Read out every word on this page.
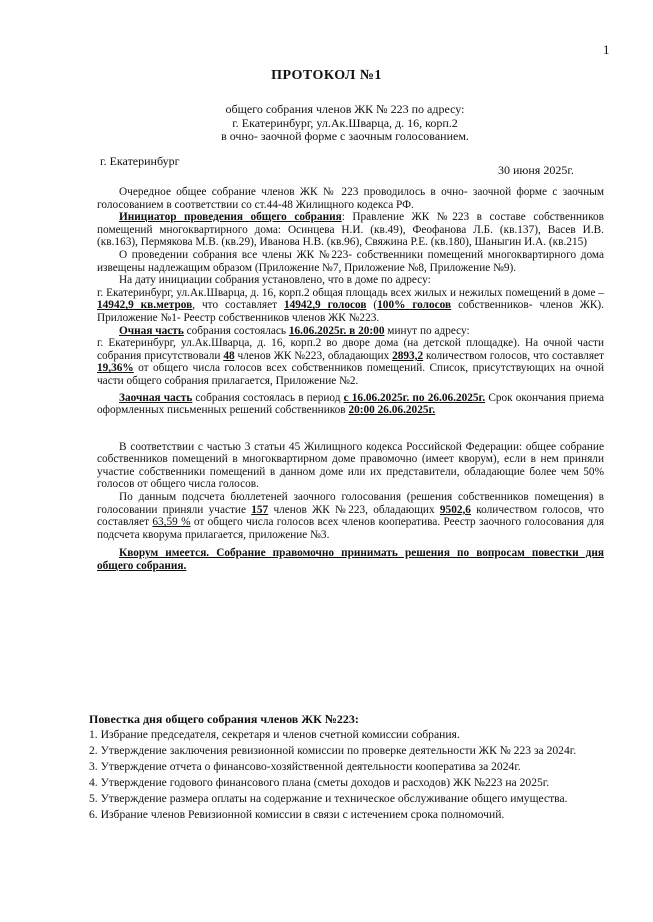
1
ПРОТОКОЛ №1
общего собрания членов ЖК № 223 по адресу:
г. Екатеринбург, ул.Ак.Шварца, д. 16, корп.2
в очно- заочной форме с заочным голосованием.
г. Екатеринбург
30 июня 2025г.

Очередное общее собрание членов ЖК № 223 проводилось в очно- заочной форме с заочным голосованием в соответствии со ст.44-48 Жилищного кодекса РФ.

Инициатор проведения общего собрания: Правление ЖК №223 в составе собственников помещений многоквартирного дома: Осинцева Н.И. (кв.49), Феофанова Л.Б. (кв.137), Васев И.В. (кв.163), Пермякова М.В. (кв.29), Иванова Н.В. (кв.96), Свяжина Р.Е. (кв.180), Шаныгин И.А. (кв.215)

О проведении собрания все члены ЖК №223- собственники помещений многоквартирного дома извещены надлежащим образом (Приложение №7, Приложение №8, Приложение №9).

На дату инициации собрания установлено, что в доме по адресу:
г. Екатеринбург, ул.Ак.Шварца, д. 16, корп.2 общая площадь всех жилых и нежилых помещений в доме – 14942,9 кв.метров, что составляет 14942,9 голосов (100% голосов собственников- членов ЖК). Приложение №1- Реестр собственников членов ЖК №223.

Очная часть собрания состоялась 16.06.2025г. в 20:00 минут по адресу:
г. Екатеринбург, ул.Ак.Шварца, д. 16, корп.2 во дворе дома (на детской площадке). На очной части собрания присутствовали 48 членов ЖК №223, обладающих 2893,2 количеством голосов, что составляет 19,36% от общего числа голосов всех собственников помещений. Список, присутствующих на очной части общего собрания прилагается, Приложение №2.

Заочная часть собрания состоялась в период с 16.06.2025г. по 26.06.2025г. Срок окончания приема оформленных письменных решений собственников 20:00 26.06.2025г.

В соответствии с частью 3 статьи 45 Жилищного кодекса Российской Федерации: общее собрание собственников помещений в многоквартирном доме правомочно (имеет кворум), если в нем приняли участие собственники помещений в данном доме или их представители, обладающие более чем 50% голосов от общего числа голосов.

По данным подсчета бюллетеней заочного голосования (решения собственников помещения) в голосовании приняли участие 157 членов ЖК №223, обладающих 9502,6 количеством голосов, что составляет 63,59 % от общего числа голосов всех членов кооператива. Реестр заочного голосования для подсчета кворума прилагается, приложение №3.

Кворум имеется. Собрание правомочно принимать решения по вопросам повестки дня общего собрания.

Повестка дня общего собрания членов ЖК №223:
1. Избрание председателя, секретаря и членов счетной комиссии собрания.
2. Утверждение заключения ревизионной комиссии по проверке деятельности ЖК № 223 за 2024г.
3. Утверждение отчета о финансово-хозяйственной деятельности кооператива за 2024г.
4. Утверждение годового финансового плана (сметы доходов и расходов) ЖК №223 на 2025г.
5. Утверждение размера оплаты на содержание и техническое обслуживание общего имущества.
6. Избрание членов Ревизионной комиссии в связи с истечением срока полномочий.
